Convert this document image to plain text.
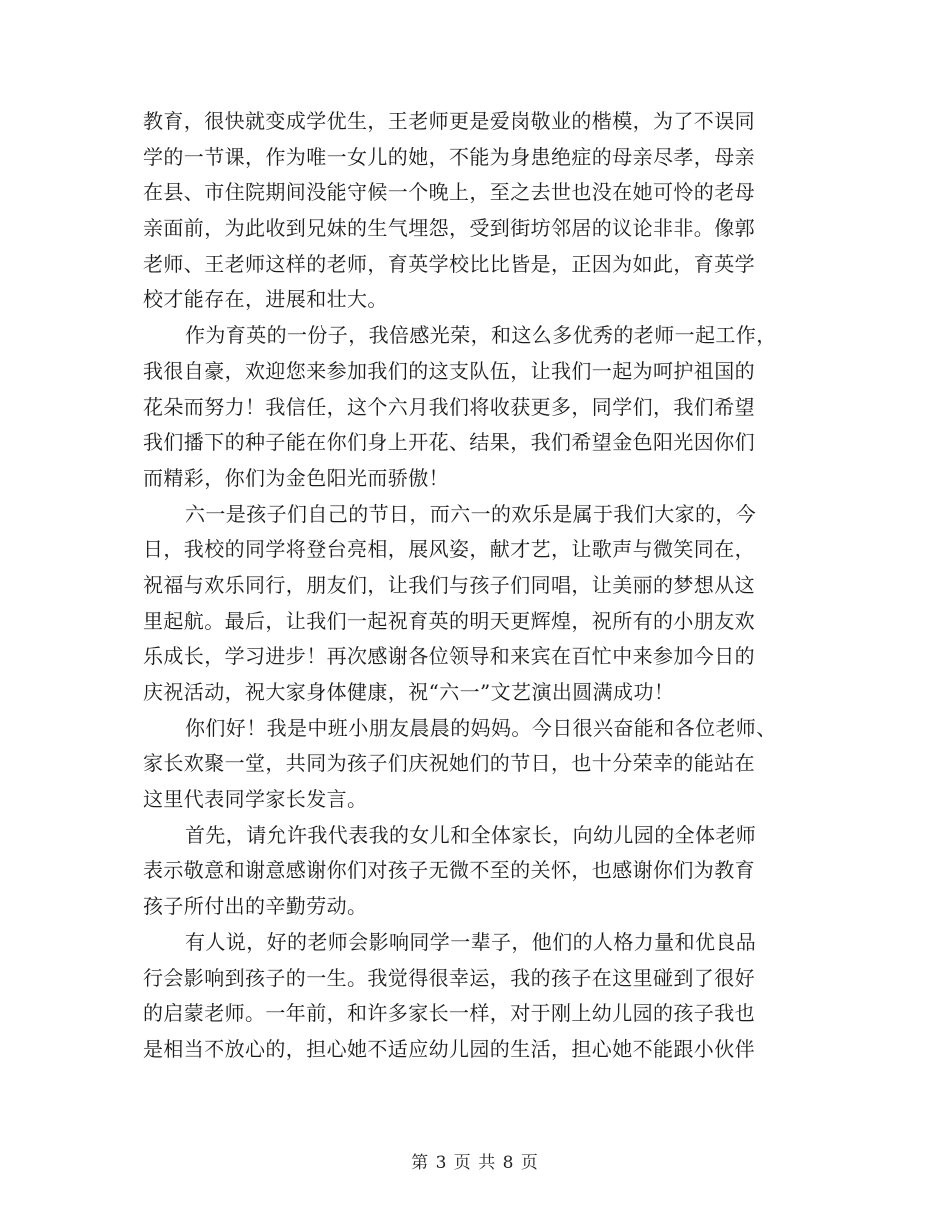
教育，很快就变成学优生，王老师更是爱岗敬业的楷模，为了不误同
学的一节课，作为唯一女儿的她，不能为身患绝症的母亲尽孝，母亲
在县、市住院期间没能守候一个晚上，至之去世也没在她可怜的老母
亲面前，为此收到兄妹的生气埋怨，受到街坊邻居的议论非非。像郭
老师、王老师这样的老师，育英学校比比皆是，正因为如此，育英学
校才能存在，进展和壮大。
作为育英的一份子，我倍感光荣，和这么多优秀的老师一起工作，
我很自豪，欢迎您来参加我们的这支队伍，让我们一起为呵护祖国的
花朵而努力！我信任，这个六月我们将收获更多，同学们，我们希望
我们播下的种子能在你们身上开花、结果，我们希望金色阳光因你们
而精彩，你们为金色阳光而骄傲！
六一是孩子们自己的节日，而六一的欢乐是属于我们大家的，今
日，我校的同学将登台亮相，展风姿，献才艺，让歌声与微笑同在，
祝福与欢乐同行，朋友们，让我们与孩子们同唱，让美丽的梦想从这
里起航。最后，让我们一起祝育英的明天更辉煌，祝所有的小朋友欢
乐成长，学习进步！再次感谢各位领导和来宾在百忙中来参加今日的
庆祝活动，祝大家身体健康，祝“六一”文艺演出圆满成功！
你们好！我是中班小朋友晨晨的妈妈。今日很兴奋能和各位老师、
家长欢聚一堂，共同为孩子们庆祝她们的节日，也十分荣幸的能站在
这里代表同学家长发言。
首先，请允许我代表我的女儿和全体家长，向幼儿园的全体老师
表示敬意和谢意感谢你们对孩子无微不至的关怀，也感谢你们为教育
孩子所付出的辛勤劳动。
有人说，好的老师会影响同学一辈子，他们的人格力量和优良品
行会影响到孩子的一生。我觉得很幸运，我的孩子在这里碰到了很好
的启蒙老师。一年前，和许多家长一样，对于刚上幼儿园的孩子我也
是相当不放心的，担心她不适应幼儿园的生活，担心她不能跟小伙伴
第 3 页 共 8 页
